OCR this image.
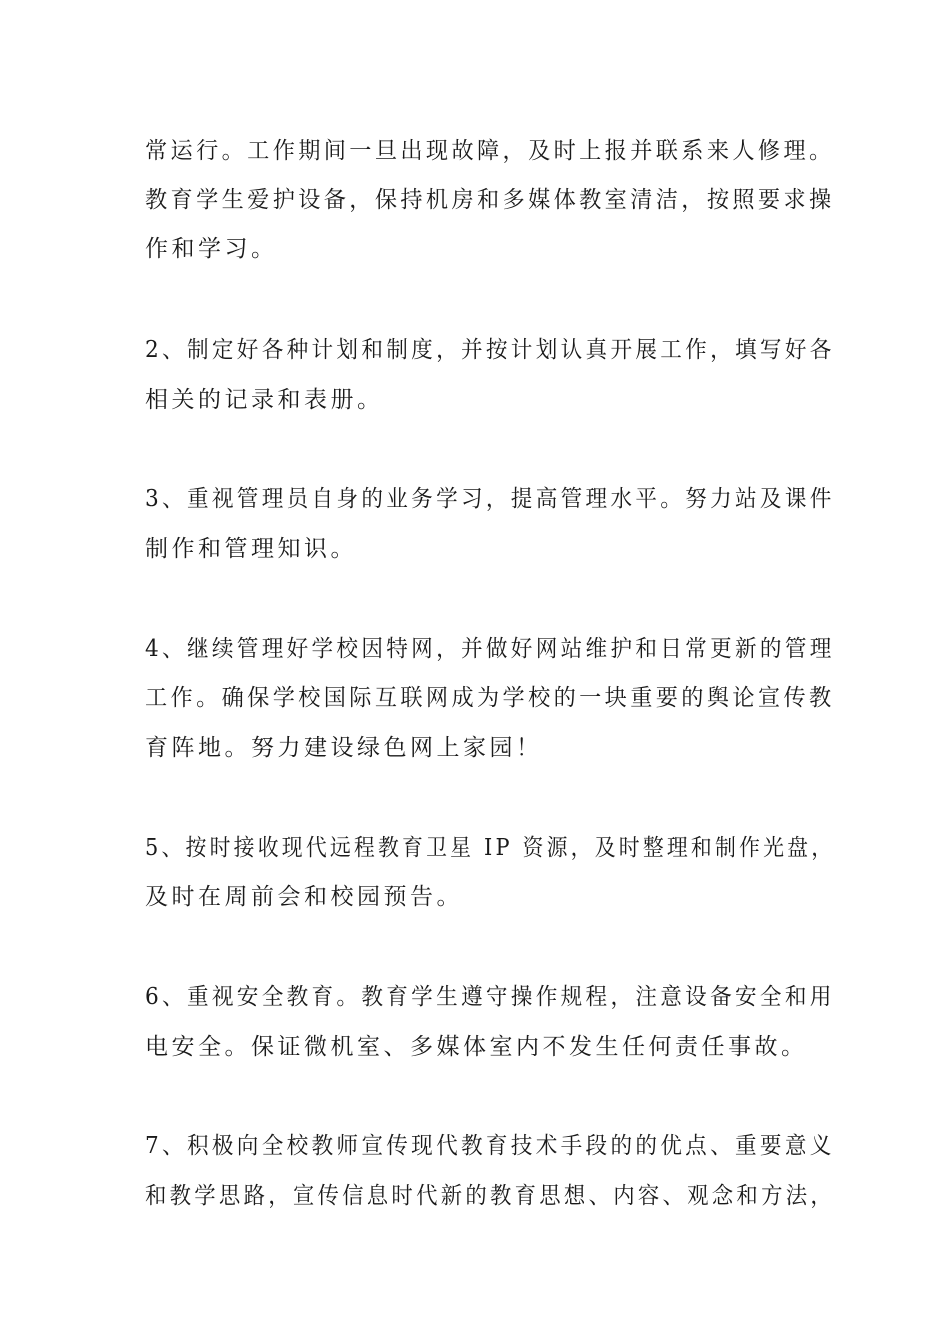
常运行。工作期间一旦出现故障，及时上报并联系来人修理。
教育学生爱护设备，保持机房和多媒体教室清洁，按照要求操
作和学习。
2、制定好各种计划和制度，并按计划认真开展工作，填写好各
相关的记录和表册。
3、重视管理员自身的业务学习，提高管理水平。努力站及课件
制作和管理知识。
4、继续管理好学校因特网，并做好网站维护和日常更新的管理
工作。确保学校国际互联网成为学校的一块重要的舆论宣传教
育阵地。努力建设绿色网上家园！
5、按时接收现代远程教育卫星 IP 资源，及时整理和制作光盘，
及时在周前会和校园预告。
6、重视安全教育。教育学生遵守操作规程，注意设备安全和用
电安全。保证微机室、多媒体室内不发生任何责任事故。
7、积极向全校教师宣传现代教育技术手段的的优点、重要意义
和教学思路，宣传信息时代新的教育思想、内容、观念和方法，
